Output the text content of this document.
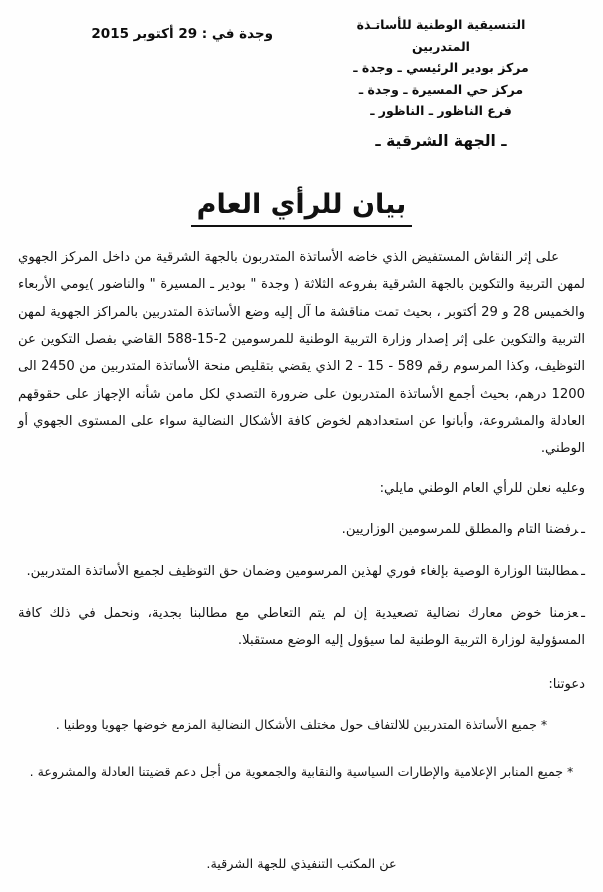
التنسيقية الوطنية للأساتـذة
المتدربين
مركز بودير الرئيسي ـ وجدة ـ
مركز حي المسيرة ـ وجدة ـ
فرع الناظور ـ الناظور ـ
ـ الجهة الشرقية ـ
وجدة في : 29 أكتوبر 2015
بيان للرأي العام

على إثر النقاش المستفيض الذي خاضه الأساتذة المتدربون بالجهة الشرقية من داخل المركز الجهوي لمهن التربية والتكوين بالجهة الشرقية بفروعه الثلاثة ( وجدة " بودير ـ المسيرة " والناضور )يومي الأربعاء والخميس 28 و 29 أكتوبر ، بحيث تمت مناقشة ما آل إليه وضع الأساتذة المتدربين بالمراكز الجهوية لمهن التربية والتكوين على إثر إصدار وزارة التربية الوطنية للمرسومين 2-15-588 القاضي بفصل التكوين عن التوظيف، وكذا المرسوم رقم 589 - 15 - 2 الذي يقضي بتقليص منحة الأساتذة المتدربين من 2450 الى 1200 درهم، بحيث أجمع الأساتذة المتدربون على ضرورة التصدي لكل مامن شأنه الإجهاز على حقوقهم العادلة والمشروعة، وأبانوا عن استعدادهم لخوض كافة الأشكال النضالية سواء على المستوى الجهوي أو الوطني.

وعليه نعلن للرأي العام الوطني مايلي:
ـرفضنا التام والمطلق للمرسومين الوزاريين.
ـمطالبتنا الوزارة الوصية بإلغاء فوري لهذين المرسومين وضمان حق التوظيف لجميع الأساتذة المتدربين.
ـعزمنا خوض معارك نضالية تصعيدية إن لم يتم التعاطي مع مطالبنا بجدية، ونحمل في ذلك كافة المسؤولية لوزارة التربية الوطنية لما سيؤول إليه الوضع مستقبلا.
دعوتنا:
*جميع الأساتذة المتدربين للالتفاف حول مختلف الأشكال النضالية المزمع خوضها جهويا ووطنيا .
*جميع المنابر الإعلامية والإطارات السياسية والنقابية والجمعوية من أجل دعم قضيتنا العادلة والمشروعة .
عن المكتب التنفيذي للجهة الشرقية.
